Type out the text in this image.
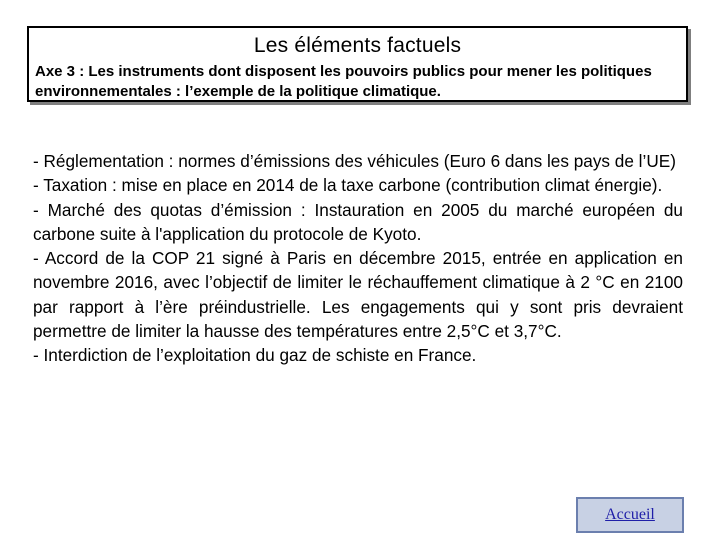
Les éléments factuels
Axe 3 : Les instruments dont disposent les pouvoirs publics pour mener les politiques environnementales : l’exemple de la politique climatique.

- Réglementation : normes d’émissions des véhicules (Euro 6 dans les pays de l’UE)

- Taxation : mise en place en 2014 de la taxe carbone (contribution climat énergie).

- Marché des quotas d’émission : Instauration en 2005 du marché européen du carbone suite à l'application du protocole de Kyoto.

- Accord de la COP 21 signé à Paris en décembre 2015, entrée en application en novembre 2016, avec l’objectif de limiter le réchauffement climatique à 2 °C en 2100 par rapport à l’ère préindustrielle. Les engagements qui y sont pris devraient permettre de limiter la hausse des températures entre 2,5°C et 3,7°C.

- Interdiction de l’exploitation du gaz de schiste en France.

Accueil
